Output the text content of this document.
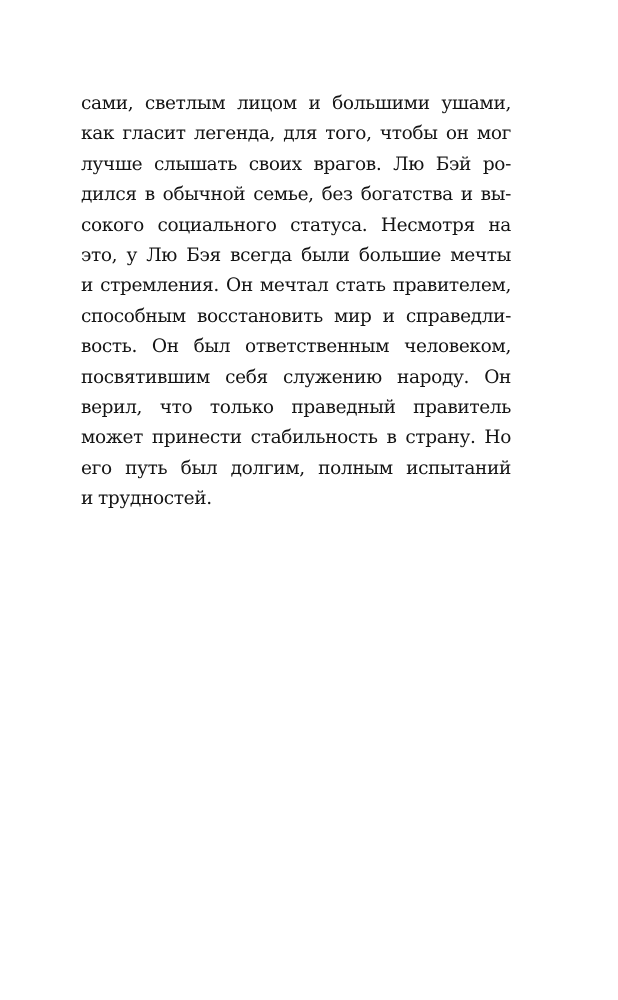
сами, светлым лицом и большими ушами,
как гласит легенда, для того, чтобы он мог
лучше слышать своих врагов. Лю Бэй ро-
дился в обычной семье, без богатства и вы-
сокого социального статуса. Несмотря на
это, у Лю Бэя всегда были большие мечты
и стремления. Он мечтал стать правителем,
способным восстановить мир и справедли-
вость. Он был ответственным человеком,
посвятившим себя служению народу. Он
верил, что только праведный правитель
может принести стабильность в страну. Но
его путь был долгим, полным испытаний
и трудностей.
